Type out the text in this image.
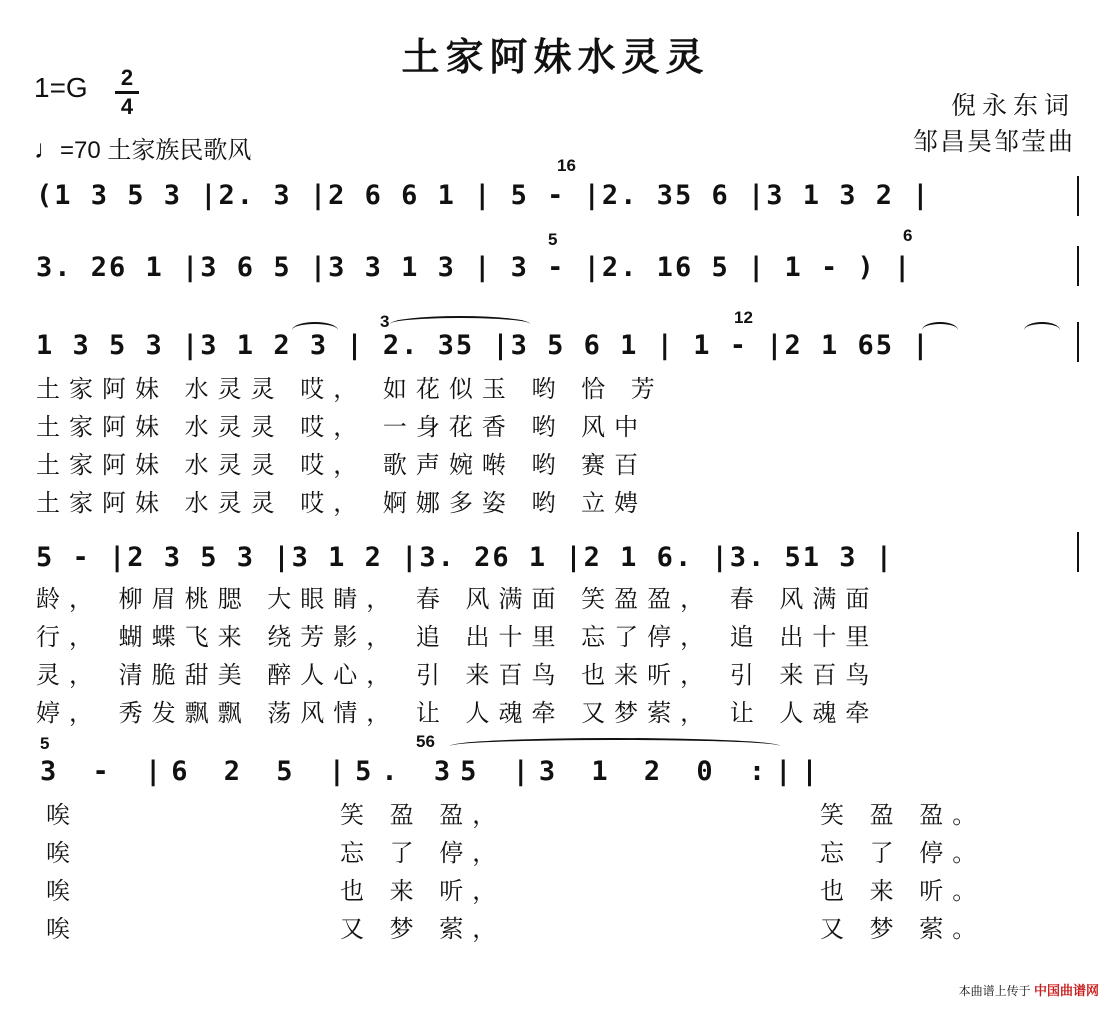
土家阿妹水灵灵
1=G 2
4
♩=70 土家族民歌风
倪永东词
邹昌昊邹莹曲
(1 3 5 3 |2. 3 |2 6 6 1 | 5 - |2. 35 6 |3 1 3 2 |
16
3. 26 1 |3 6 5 |3 3 1 3 | 3 - |2. 16 5 | 1 - ) |
5	6
1 3 5 3 |3 1 2 3 | 2. 35 |3 5 6 1 | 1 - |2 1 65 |
3	12
土家阿妹 水灵灵 哎， 如花似玉 哟 恰 芳
土家阿妹 水灵灵 哎， 一身花香 哟 风中
土家阿妹 水灵灵 哎， 歌声婉啭 哟 赛百
土家阿妹 水灵灵 哎， 婀娜多姿 哟 立娉
5 - |2 3 5 3 |3 1 2 |3. 26 1 |2 1 6. |3. 51 3 |
龄， 柳眉桃腮 大眼睛， 春 风满面 笑盈盈， 春 风满面
行， 蝴蝶飞来 绕芳影， 追 出十里 忘了停， 追 出十里
灵， 清脆甜美 醉人心， 引 来百鸟 也来听， 引 来百鸟
婷， 秀发飘飘 荡风情， 让 人魂牵 又梦萦， 让 人魂牵
3 - |6 2 5 |5. 35 |3 1 2 0 :||
5	56
唉	笑 盈 盈，	笑 盈 盈。
唉	忘 了 停，	忘 了 停。
唉	也 来 听，	也 来 听。
唉	又 梦 萦，	又 梦 萦。
本曲谱上传于 中国曲谱网
